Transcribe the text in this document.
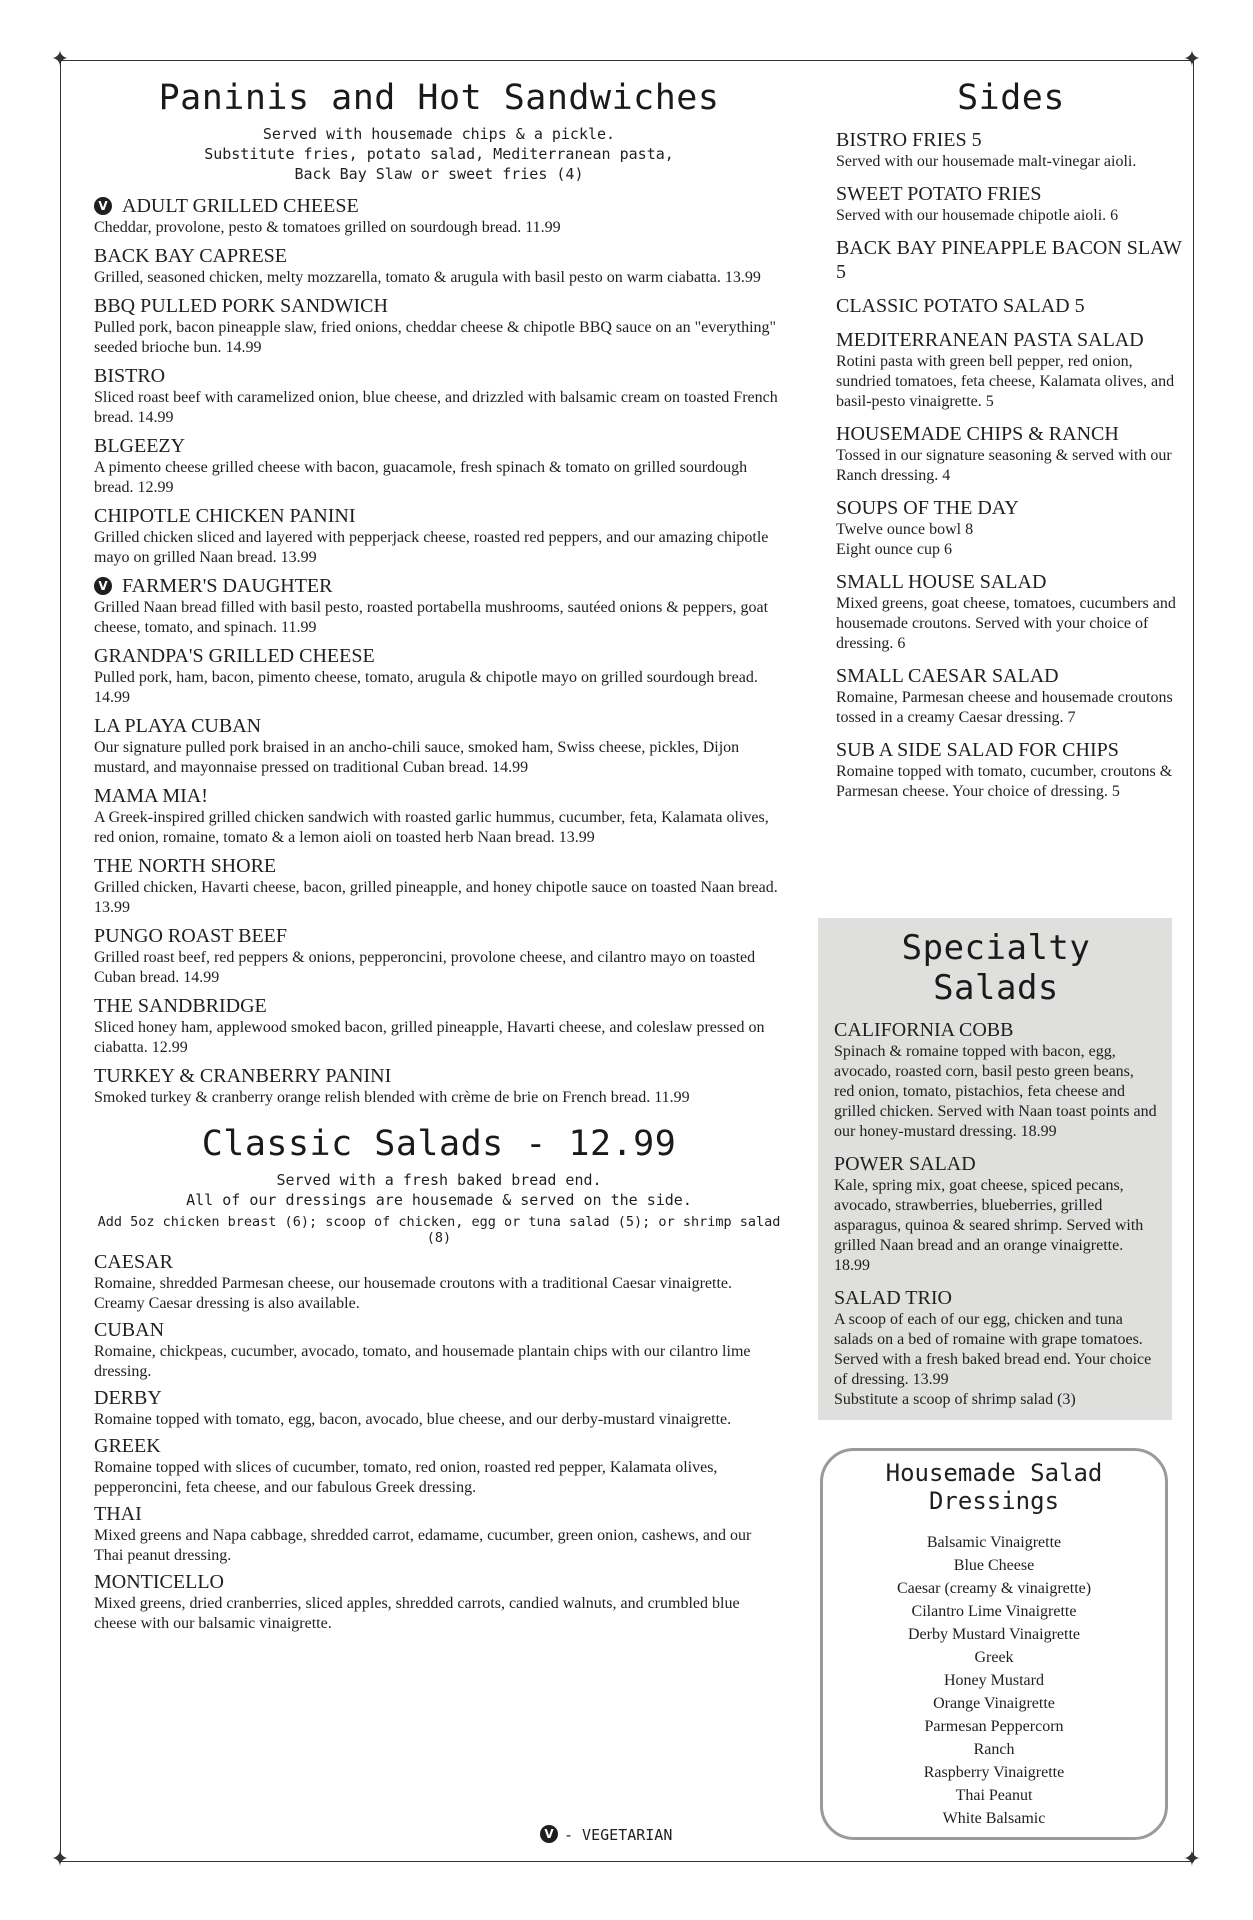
✦	✦
✦	✦
Paninis and Hot Sandwiches

Served with housemade chips & a pickle.

Substitute fries, potato salad, Mediterranean pasta,

Back Bay Slaw or sweet fries (4)

V ADULT GRILLED CHEESE

Cheddar, provolone, pesto & tomatoes grilled on sourdough bread. 11.99

BACK BAY CAPRESE

Grilled, seasoned chicken, melty mozzarella, tomato & arugula with basil pesto on warm ciabatta. 13.99

BBQ PULLED PORK SANDWICH

Pulled pork, bacon pineapple slaw, fried onions, cheddar cheese & chipotle BBQ sauce on an "everything" seeded brioche bun. 14.99

BISTRO

Sliced roast beef with caramelized onion, blue cheese, and drizzled with balsamic cream on toasted French bread. 14.99

BLGEEZY

A pimento cheese grilled cheese with bacon, guacamole, fresh spinach & tomato on grilled sourdough bread. 12.99

CHIPOTLE CHICKEN PANINI

Grilled chicken sliced and layered with pepperjack cheese, roasted red peppers, and our amazing chipotle mayo on grilled Naan bread. 13.99

V FARMER'S DAUGHTER

Grilled Naan bread filled with basil pesto, roasted portabella mushrooms, sautéed onions & peppers, goat cheese, tomato, and spinach. 11.99

GRANDPA'S GRILLED CHEESE

Pulled pork, ham, bacon, pimento cheese, tomato, arugula & chipotle mayo on grilled sourdough bread. 14.99

LA PLAYA CUBAN

Our signature pulled pork braised in an ancho-chili sauce, smoked ham, Swiss cheese, pickles, Dijon mustard, and mayonnaise pressed on traditional Cuban bread. 14.99

MAMA MIA!

A Greek-inspired grilled chicken sandwich with roasted garlic hummus, cucumber, feta, Kalamata olives, red onion, romaine, tomato & a lemon aioli on toasted herb Naan bread. 13.99

THE NORTH SHORE

Grilled chicken, Havarti cheese, bacon, grilled pineapple, and honey chipotle sauce on toasted Naan bread. 13.99

PUNGO ROAST BEEF

Grilled roast beef, red peppers & onions, pepperoncini, provolone cheese, and cilantro mayo on toasted Cuban bread. 14.99

THE SANDBRIDGE

Sliced honey ham, applewood smoked bacon, grilled pineapple, Havarti cheese, and coleslaw pressed on ciabatta. 12.99

TURKEY & CRANBERRY PANINI

Smoked turkey & cranberry orange relish blended with crème de brie on French bread. 11.99

Classic Salads - 12.99

Served with a fresh baked bread end.

All of our dressings are housemade & served on the side.

Add 5oz chicken breast (6); scoop of chicken, egg or tuna salad (5); or shrimp salad (8)

CAESAR

Romaine, shredded Parmesan cheese, our housemade croutons with a traditional Caesar vinaigrette. Creamy Caesar dressing is also available.

CUBAN

Romaine, chickpeas, cucumber, avocado, tomato, and housemade plantain chips with our cilantro lime dressing.

DERBY

Romaine topped with tomato, egg, bacon, avocado, blue cheese, and our derby-mustard vinaigrette.

GREEK

Romaine topped with slices of cucumber, tomato, red onion, roasted red pepper, Kalamata olives, pepperoncini, feta cheese, and our fabulous Greek dressing.

THAI

Mixed greens and Napa cabbage, shredded carrot, edamame, cucumber, green onion, cashews, and our Thai peanut dressing.

MONTICELLO

Mixed greens, dried cranberries, sliced apples, shredded carrots, candied walnuts, and crumbled blue cheese with our balsamic vinaigrette.

V - VEGETARIAN
Sides
BISTRO FRIES 5

Served with our housemade malt-vinegar aioli.

SWEET POTATO FRIES

Served with our housemade chipotle aioli. 6

BACK BAY PINEAPPLE BACON SLAW 5
CLASSIC POTATO SALAD 5
MEDITERRANEAN PASTA SALAD

Rotini pasta with green bell pepper, red onion, sundried tomatoes, feta cheese, Kalamata olives, and basil-pesto vinaigrette. 5

HOUSEMADE CHIPS & RANCH

Tossed in our signature seasoning & served with our Ranch dressing. 4

SOUPS OF THE DAY

Twelve ounce bowl 8
Eight ounce cup 6

SMALL HOUSE SALAD

Mixed greens, goat cheese, tomatoes, cucumbers and housemade croutons. Served with your choice of dressing. 6

SMALL CAESAR SALAD

Romaine, Parmesan cheese and housemade croutons tossed in a creamy Caesar dressing. 7

SUB A SIDE SALAD FOR CHIPS

Romaine topped with tomato, cucumber, croutons & Parmesan cheese. Your choice of dressing. 5

Specialty Salads
CALIFORNIA COBB

Spinach & romaine topped with bacon, egg, avocado, roasted corn, basil pesto green beans, red onion, tomato, pistachios, feta cheese and grilled chicken. Served with Naan toast points and our honey-mustard dressing. 18.99

POWER SALAD

Kale, spring mix, goat cheese, spiced pecans, avocado, strawberries, blueberries, grilled asparagus, quinoa & seared shrimp. Served with grilled Naan bread and an orange vinaigrette. 18.99

SALAD TRIO

A scoop of each of our egg, chicken and tuna salads on a bed of romaine with grape tomatoes. Served with a fresh baked bread end. Your choice of dressing. 13.99
Substitute a scoop of shrimp salad (3)

Housemade Salad
Dressings
Balsamic Vinaigrette
Blue Cheese
Caesar (creamy & vinaigrette)
Cilantro Lime Vinaigrette
Derby Mustard Vinaigrette
Greek
Honey Mustard
Orange Vinaigrette
Parmesan Peppercorn
Ranch
Raspberry Vinaigrette
Thai Peanut
White Balsamic
